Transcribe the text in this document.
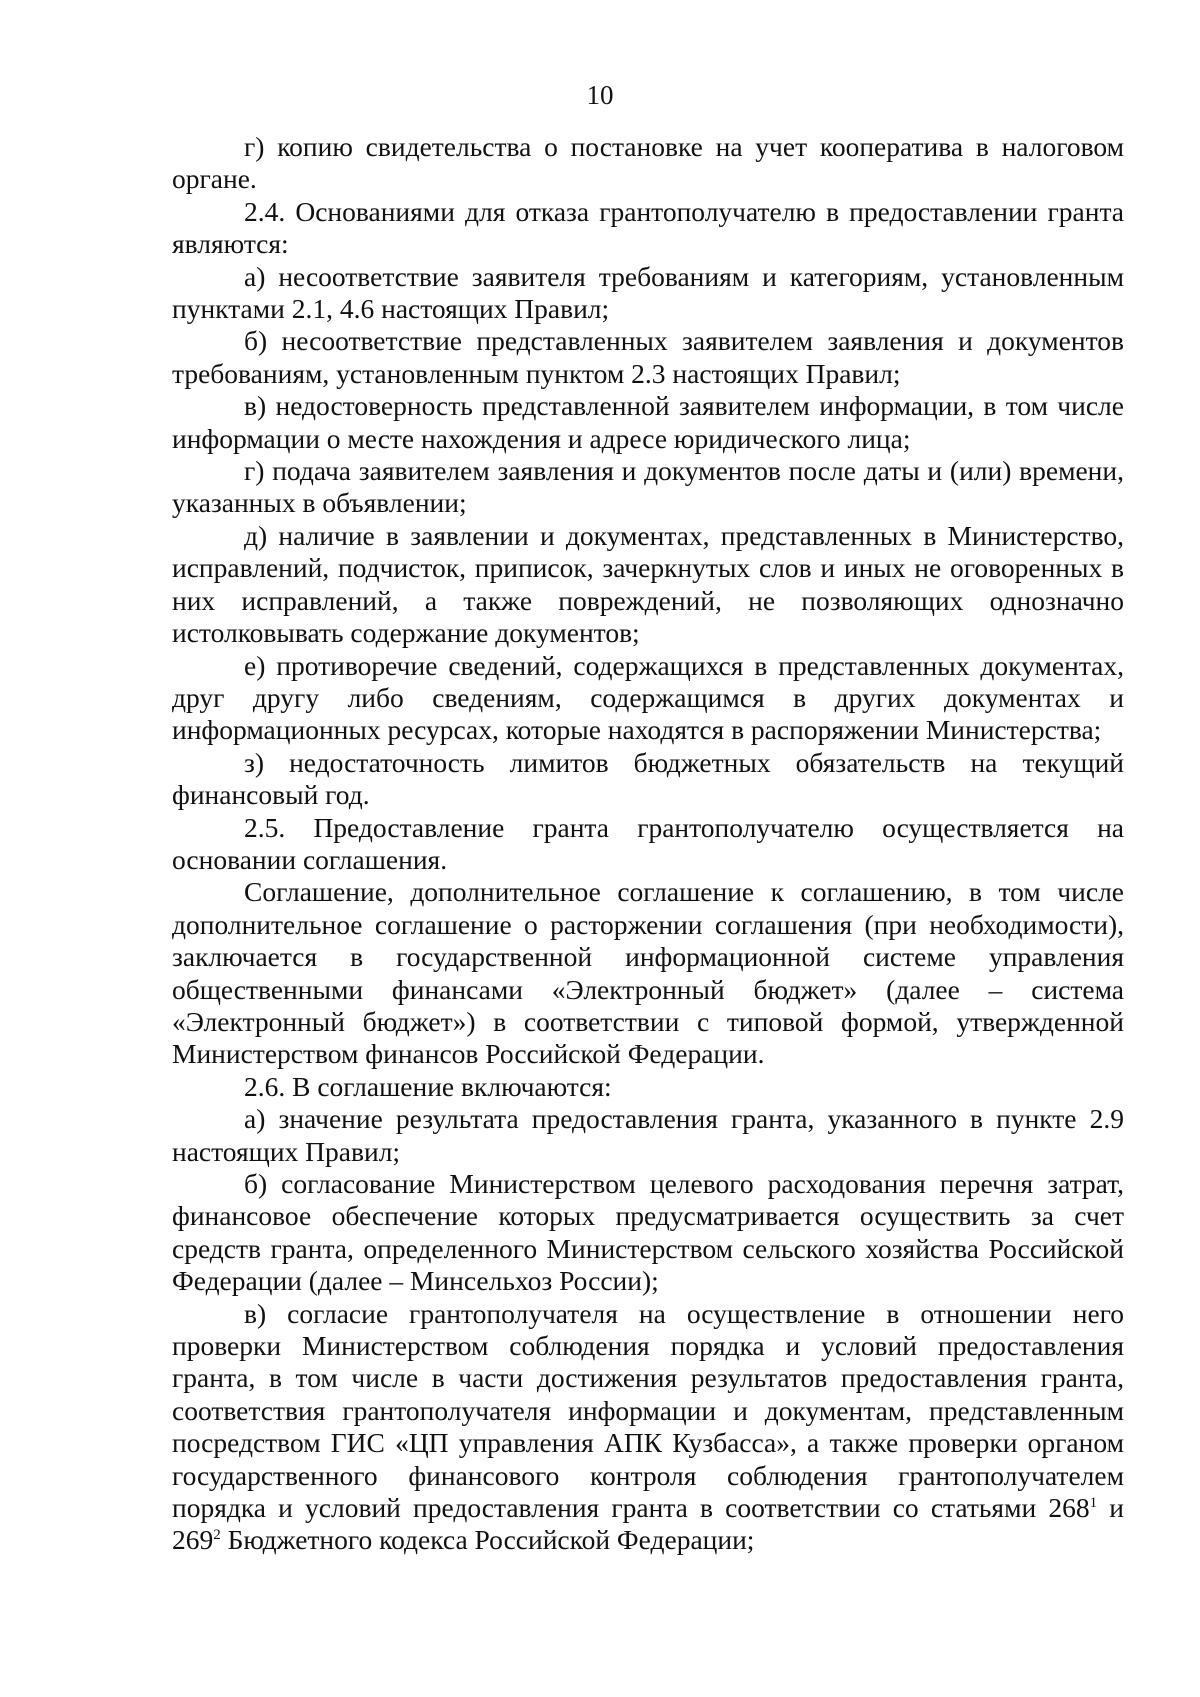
10

г) копию свидетельства о постановке на учет кооператива в налоговом органе.

2.4. Основаниями для отказа грантополучателю в предоставлении гранта являются:

а) несоответствие заявителя требованиям и категориям, установленным пунктами 2.1, 4.6 настоящих Правил;

б) несоответствие представленных заявителем заявления и документов требованиям, установленным пунктом 2.3 настоящих Правил;

в) недостоверность представленной заявителем информации, в том числе информации о месте нахождения и адресе юридического лица;

г) подача заявителем заявления и документов после даты и (или) времени, указанных в объявлении;

д) наличие в заявлении и документах, представленных в Министерство, исправлений, подчисток, приписок, зачеркнутых слов и иных не оговоренных в них исправлений, а также повреждений, не позволяющих однозначно истолковывать содержание документов;

е) противоречие сведений, содержащихся в представленных документах, друг другу либо сведениям, содержащимся в других документах и информационных ресурсах, которые находятся в распоряжении Министерства;

з) недостаточность лимитов бюджетных обязательств на текущий финансовый год.

2.5. Предоставление гранта грантополучателю осуществляется на основании соглашения.

Соглашение, дополнительное соглашение к соглашению, в том числе дополнительное соглашение о расторжении соглашения (при необходимости), заключается в государственной информационной системе управления общественными финансами «Электронный бюджет» (далее – система «Электронный бюджет») в соответствии с типовой формой, утвержденной Министерством финансов Российской Федерации.

2.6. В соглашение включаются:

а) значение результата предоставления гранта, указанного в пункте 2.9 настоящих Правил;

б) согласование Министерством целевого расходования перечня затрат, финансовое обеспечение которых предусматривается осуществить за счет средств гранта, определенного Министерством сельского хозяйства Российской Федерации (далее – Минсельхоз России);

в) согласие грантополучателя на осуществление в отношении него проверки Министерством соблюдения порядка и условий предоставления гранта, в том числе в части достижения результатов предоставления гранта, соответствия грантополучателя информации и документам, представленным посредством ГИС «ЦП управления АПК Кузбасса», а также проверки органом государственного финансового контроля соблюдения грантополучателем порядка и условий предоставления гранта в соответствии со статьями $268^1$ и $269^2$ Бюджетного кодекса Российской Федерации;
